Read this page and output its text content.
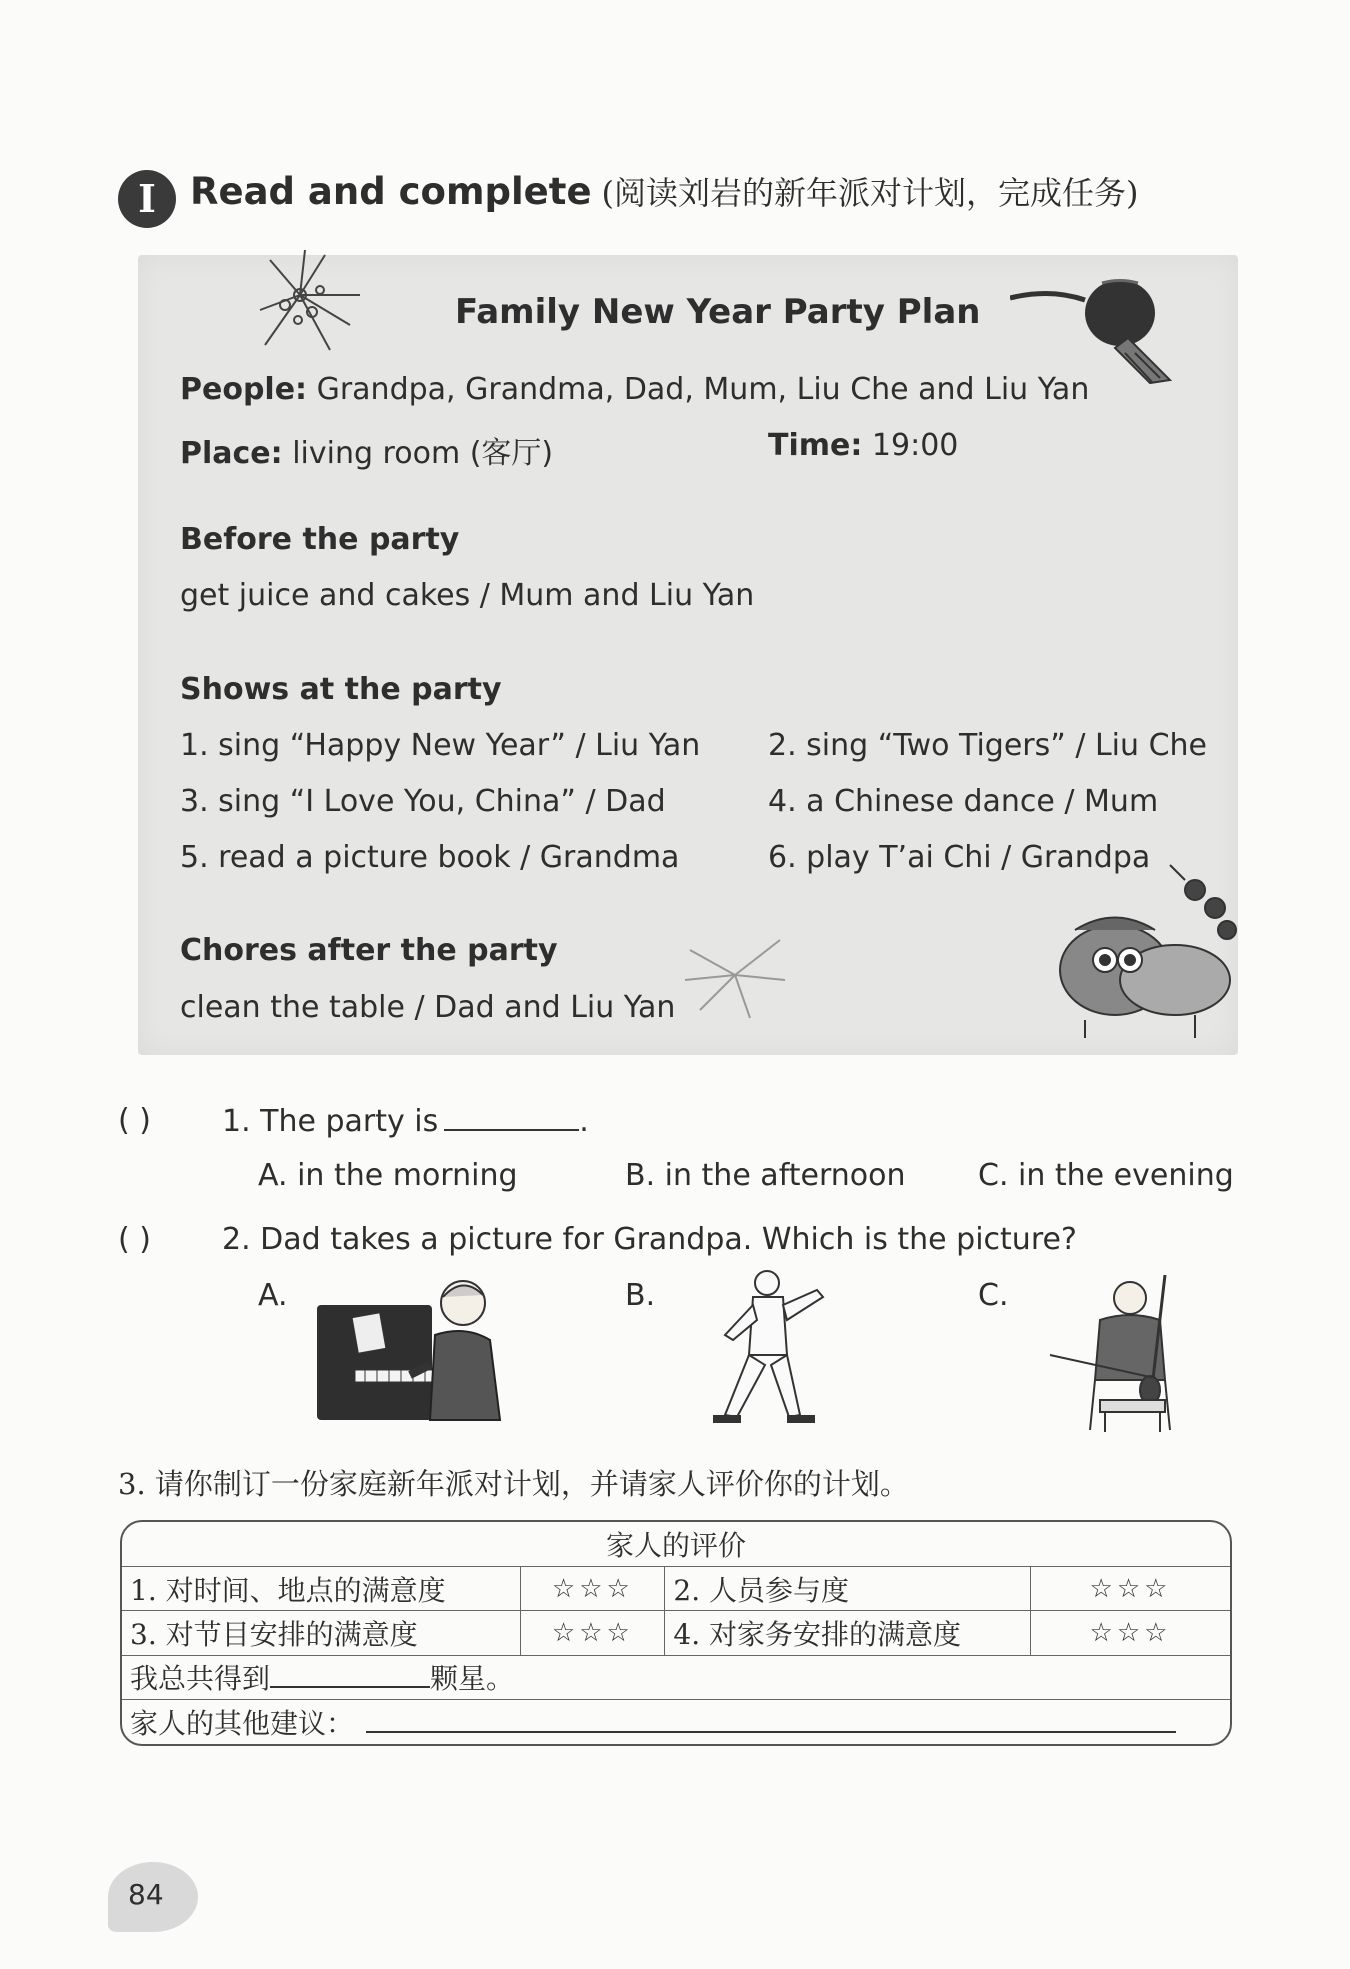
I Read and complete (阅读刘岩的新年派对计划，完成任务)
Family New Year Party Plan
People: Grandpa, Grandma, Dad, Mum, Liu Che and Liu Yan
Place: living room (客厅)	Time: 19:00
Before the party
get juice and cakes / Mum and Liu Yan
Shows at the party
1. sing “Happy New Year” / Liu Yan 2. sing “Two Tigers” / Liu Che
3. sing “I Love You, China” / Dad	4. a Chinese dance / Mum
5. read a picture book / Grandma	6. play T’ai Chi / Grandpa
Chores after the party
clean the table / Dad and Liu Yan
( ) 1. The party is	.
A. in the morning	B. in the afternoon C. in the evening
( ) 2. Dad takes a picture for Grandpa. Which is the picture?
A.	B.	C.
3. 请你制订一份家庭新年派对计划，并请家人评价你的计划。
家人的评价			
1. 对时间、地点的满意度	☆☆☆	2. 人员参与度	☆☆☆
3. 对节目安排的满意度	☆☆☆	4. 对家务安排的满意度	☆☆☆
我总共得到 颗星。			
家人的其他建议：			
84
